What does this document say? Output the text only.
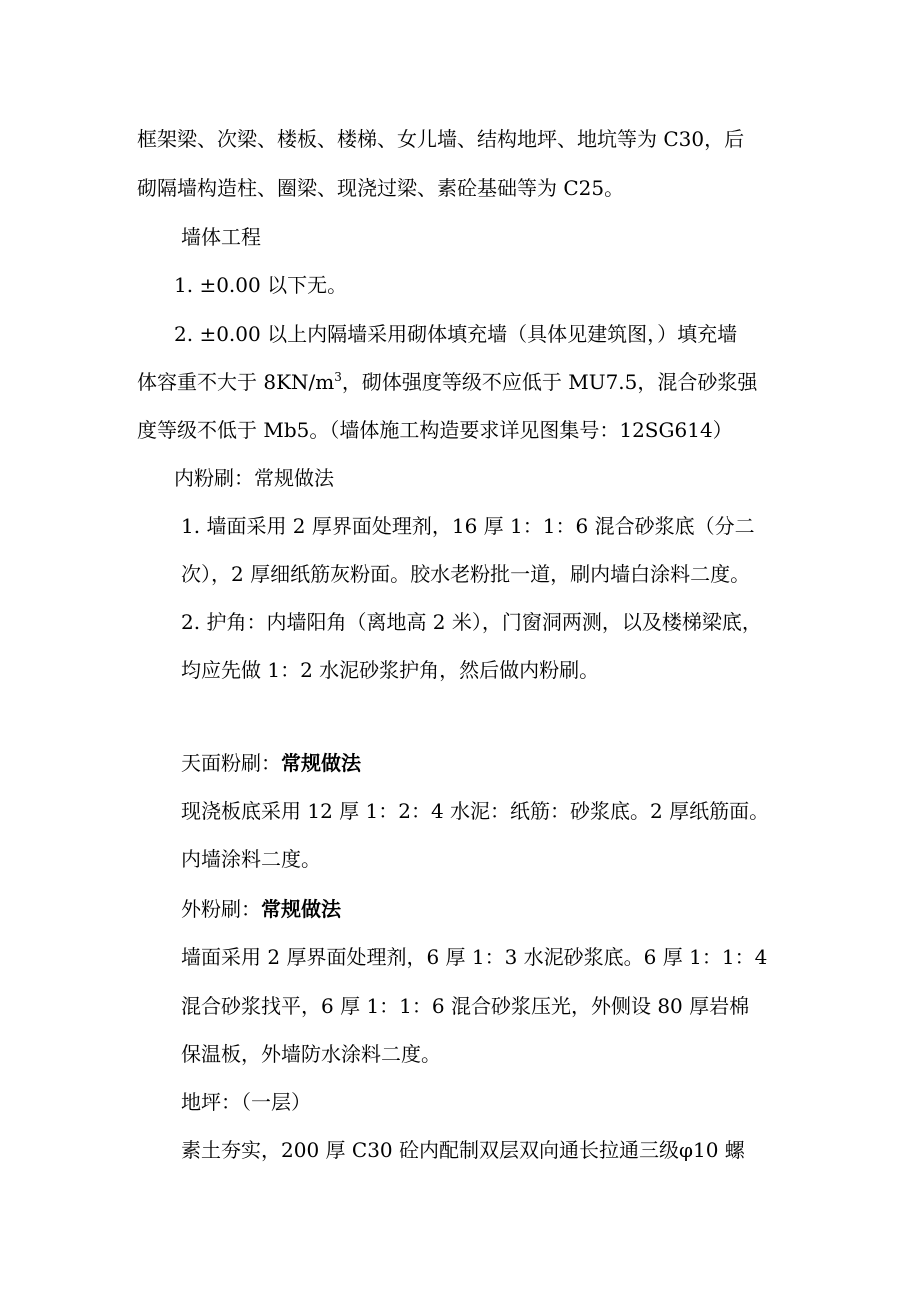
框架梁、次梁、楼板、楼梯、女儿墙、结构地坪、地坑等为 C30，后

砌隔墙构造柱、圈梁、现浇过梁、素砼基础等为 C25。

墙体工程

1. ±0.00 以下无。

2. ±0.00 以上内隔墙采用砌体填充墙（具体见建筑图，）填充墙

体容重不大于 $8KN/m^3$，砌体强度等级不应低于 MU7.5，混合砂浆强

度等级不低于 Mb5。（墙体施工构造要求详见图集号：12SG614）

内粉刷：常规做法

1. 墙面采用 2 厚界面处理剂，16 厚 1：1：6 混合砂浆底（分二

次），2 厚细纸筋灰粉面。胶水老粉批一道，刷内墙白涂料二度。

2. 护角：内墙阳角（离地高 2 米），门窗洞两测，以及楼梯梁底，

均应先做 1：2 水泥砂浆护角，然后做内粉刷。

天面粉刷：常规做法

现浇板底采用 12 厚 1：2：4 水泥：纸筋：砂浆底。2 厚纸筋面。

内墙涂料二度。

外粉刷：常规做法

墙面采用 2 厚界面处理剂，6 厚 1：3 水泥砂浆底。6 厚 1：1：4

混合砂浆找平，6 厚 1：1：6 混合砂浆压光，外侧设 80 厚岩棉

保温板，外墙防水涂料二度。

地坪：（一层）

素土夯实，200 厚 C30 砼内配制双层双向通长拉通三级φ10 螺
